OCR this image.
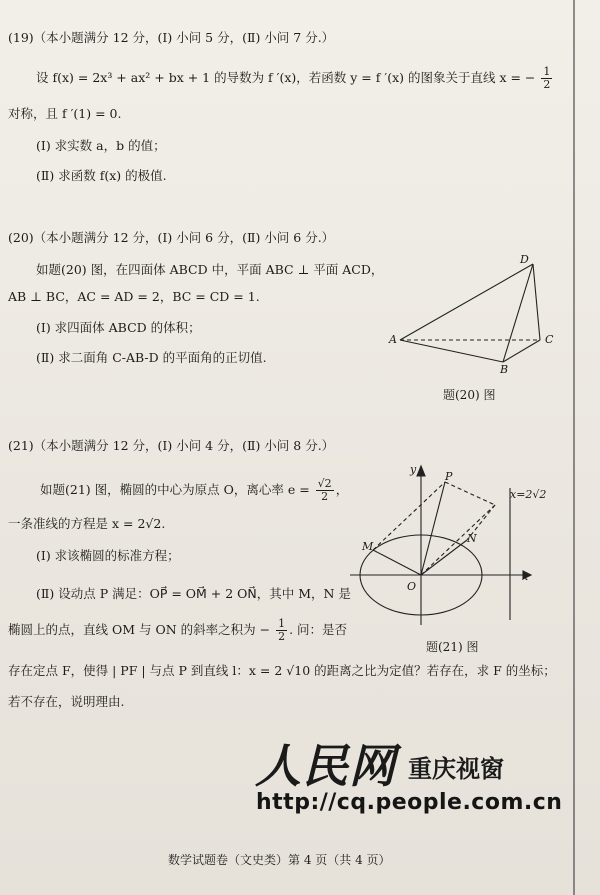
(19)（本小题满分 12 分，(Ⅰ) 小问 5 分，(Ⅱ) 小问 7 分.）
设 f(x) = 2x³ + ax² + bx + 1 的导数为 f ′(x)，若函数 y = f ′(x) 的图象关于直线 x = − $\frac{1}{2}$
对称，且 f ′(1) = 0.
(Ⅰ) 求实数 a，b 的值；
(Ⅱ) 求函数 f(x) 的极值.
(20)（本小题满分 12 分，(Ⅰ) 小问 6 分，(Ⅱ) 小问 6 分.）
如题(20) 图，在四面体 ABCD 中，平面 ABC ⊥ 平面 ACD，
AB ⊥ BC，AC = AD = 2，BC = CD = 1.
(Ⅰ) 求四面体 ABCD 的体积；
(Ⅱ) 求二面角 C-AB-D 的平面角的正切值.
A
D
C
B
题(20) 图
(21)（本小题满分 12 分，(Ⅰ) 小问 4 分，(Ⅱ) 小问 8 分.）
如题(21) 图，椭圆的中心为原点 O，离心率 $e = \frac{√2}{2}$ ，
一条准线的方程是 x = 2√2.
(Ⅰ) 求该椭圆的标准方程；
(Ⅱ) 设动点 P 满足：OP⃗ = OM⃗ + 2 ON⃗，其中 M，N 是
椭圆上的点，直线 OM 与 ON 的斜率之积为 − $\frac{1}{2}$ . 问：是否
存在定点 F，使得 | PF | 与点 P 到直线 l：x = 2 √10 的距离之比为定值？若存在，求 F 的坐标；
若不存在，说明理由.
y
x
P
M
N
O
x=2√2
题(21) 图
人民网 重庆视窗
http://cq.people.com.cn
数学试题卷（文史类）第 4 页（共 4 页）
